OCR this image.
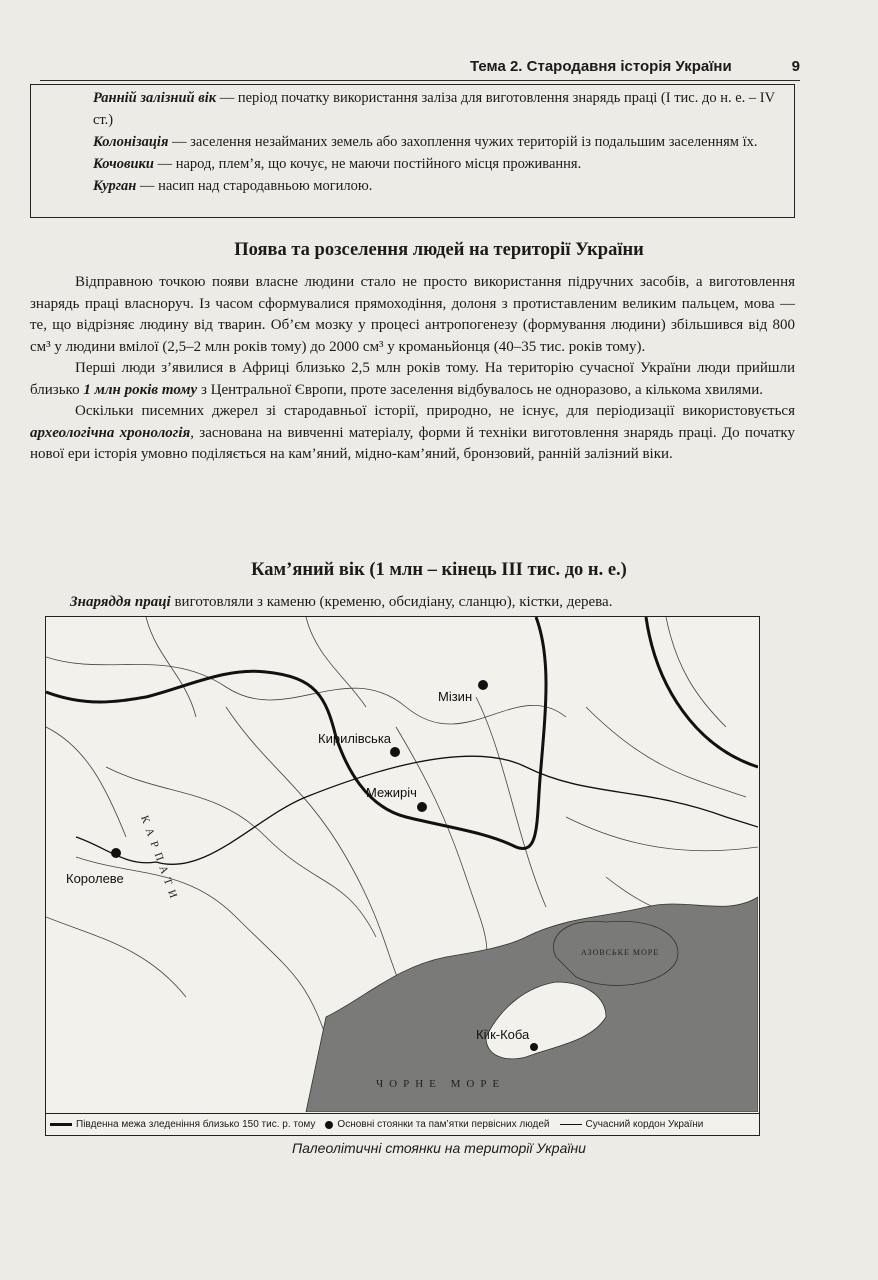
Тема 2. Стародавня історія України	9

Ранній залізний вік — період початку використання заліза для виготовлення знарядь праці (І тис. до н. е. – ІV ст.)

Колонізація — заселення незайманих земель або захоплення чужих територій із подальшим заселенням їх.

Кочовики — народ, плем’я, що кочує, не маючи постійного місця проживання.

Курган — насип над стародавньою могилою.

Поява та розселення людей на території України

Відправною точкою появи власне людини стало не просто використання підручних засобів, а виготовлення знарядь праці власноруч. Із часом сформувалися прямоходіння, долоня з протиставленим великим пальцем, мова — те, що відрізняє людину від тварин. Об’єм мозку у процесі антропогенезу (формування людини) збільшився від 800 см³ у людини вмілої (2,5–2 млн років тому) до 2000 см³ у кроманьйонця (40–35 тис. років тому).

Перші люди з’явилися в Африці близько 2,5 млн років тому. На територію сучасної України люди прийшли близько 1 млн років тому з Центральної Європи, проте заселення відбувалось не одноразово, а кількома хвилями.

Оскільки писемних джерел зі стародавньої історії, природно, не існує, для періодизації використовується археологічна хронологія, заснована на вивченні матеріалу, форми й техніки виготовлення знарядь праці. До початку нової ери історія умовно поділяється на кам’яний, мідно-кам’яний, бронзовий, ранній залізний віки.

Кам’яний вік (1 млн – кінець ІІІ тис. до н. е.)

Знаряддя праці виготовляли з каменю (кременю, обсидіану, сланцю), кістки, дерева.

Мізин
Кирилівська
Межиріч
Королеве
Кіїк-Коба
КАРПАТИ
ЧОРНЕ МОРЕ
АЗОВСЬКЕ МОРЕ
Південна межа зледеніння близько 150 тис. р. тому Основні стоянки та пам’ятки первісних людей	Сучасний кордон України
Палеолітичні стоянки на території України
